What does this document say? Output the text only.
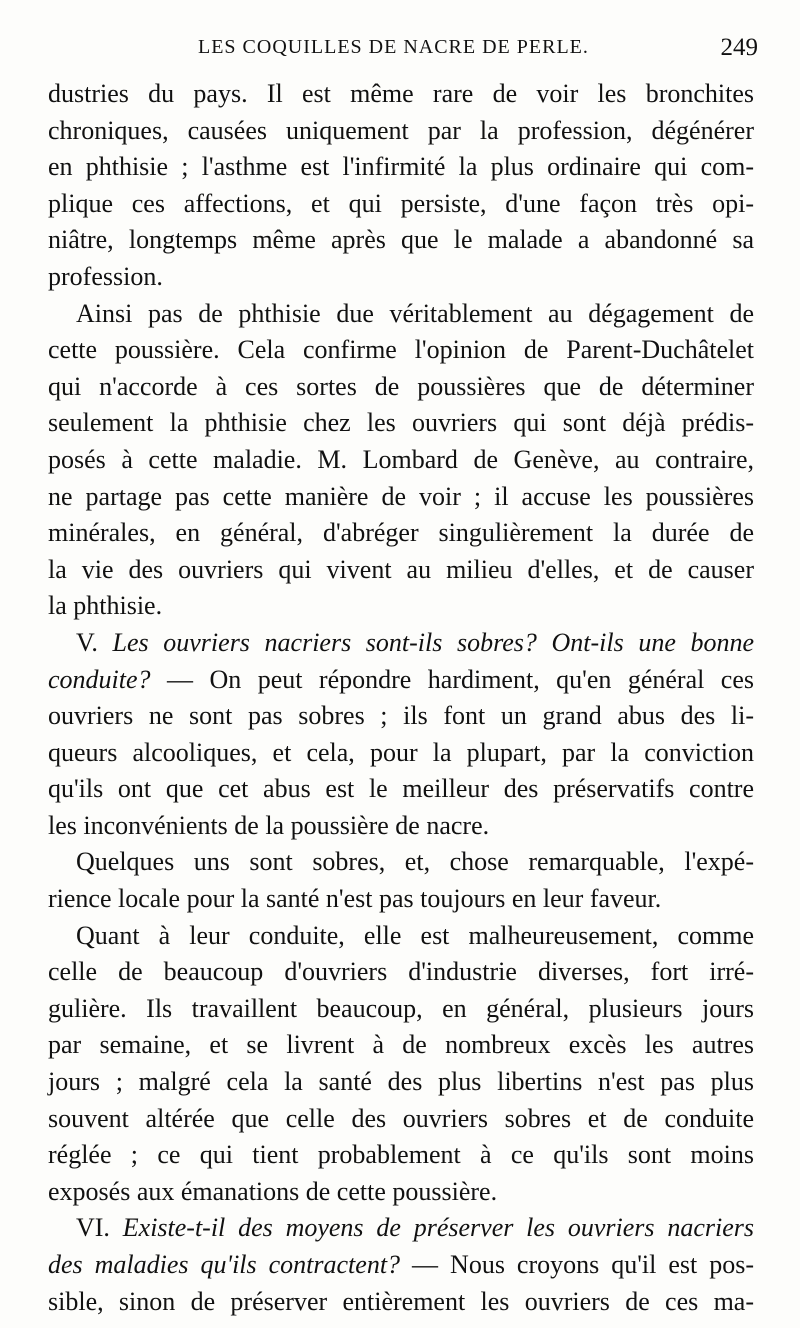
LES COQUILLES DE NACRE DE PERLE.	249
dustries du pays. Il est même rare de voir les bronchites
chroniques, causées uniquement par la profession, dégénérer
en phthisie ; l'asthme est l'infirmité la plus ordinaire qui com-
plique ces affections, et qui persiste, d'une façon très opi-
niâtre, longtemps même après que le malade a abandonné sa
profession.
Ainsi pas de phthisie due véritablement au dégagement de
cette poussière. Cela confirme l'opinion de Parent-Duchâtelet
qui n'accorde à ces sortes de poussières que de déterminer
seulement la phthisie chez les ouvriers qui sont déjà prédis-
posés à cette maladie. M. Lombard de Genève, au contraire,
ne partage pas cette manière de voir ; il accuse les poussières
minérales, en général, d'abréger singulièrement la durée de
la vie des ouvriers qui vivent au milieu d'elles, et de causer
la phthisie.
V. Les ouvriers nacriers sont-ils sobres? Ont-ils une bonne
conduite? — On peut répondre hardiment, qu'en général ces
ouvriers ne sont pas sobres ; ils font un grand abus des li-
queurs alcooliques, et cela, pour la plupart, par la conviction
qu'ils ont que cet abus est le meilleur des préservatifs contre
les inconvénients de la poussière de nacre.
Quelques uns sont sobres, et, chose remarquable, l'expé-
rience locale pour la santé n'est pas toujours en leur faveur.
Quant à leur conduite, elle est malheureusement, comme
celle de beaucoup d'ouvriers d'industrie diverses, fort irré-
gulière. Ils travaillent beaucoup, en général, plusieurs jours
par semaine, et se livrent à de nombreux excès les autres
jours ; malgré cela la santé des plus libertins n'est pas plus
souvent altérée que celle des ouvriers sobres et de conduite
réglée ; ce qui tient probablement à ce qu'ils sont moins
exposés aux émanations de cette poussière.
VI. Existe-t-il des moyens de préserver les ouvriers nacriers
des maladies qu'ils contractent? — Nous croyons qu'il est pos-
sible, sinon de préserver entièrement les ouvriers de ces ma-
